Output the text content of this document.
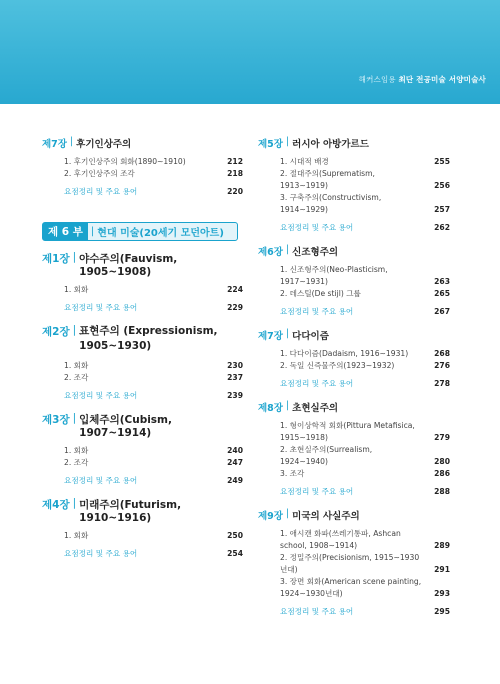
해커스임용 최단 전공미술 서양미술사
제7장 | 후기인상주의
1. 후기인상주의 회화(1890~1910)	212
2. 후기인상주의 조각	218
요점정리 및 주요 용어	220
제 6 부 | 현대 미술(20세기 모던아트)
제1장 | 야수주의(Fauvism, 1905~1908)
1. 회화	224
요점정리 및 주요 용어	229
제2장 | 표현주의 (Expressionism, 1905~1930)
1. 회화	230
2. 조각	237
요점정리 및 주요 용어	239
제3장 | 입체주의(Cubism, 1907~1914)
1. 회화	240
2. 조각	247
요점정리 및 주요 용어	249
제4장 | 미래주의(Futurism, 1910~1916)
1. 회화	250
요점정리 및 주요 용어	254
제5장 | 러시아 아방가르드
1. 시대적 배경	255
2. 절대주의(Suprematism, 1913~1919)	256
3. 구축주의(Constructivism, 1914~1929)	257
요점정리 및 주요 용어	262
제6장 | 신조형주의
1. 신조형주의(Neo-Plasticism, 1917~1931)	263
2. 데스틸(De stijl) 그룹	265
요점정리 및 주요 용어	267
제7장 | 다다이즘
1. 다다이즘(Dadaism, 1916~1931)	268
2. 독일 신즉물주의(1923~1932)	276
요점정리 및 주요 용어	278
제8장 | 초현실주의
1. 형이상학적 회화(Pittura Metafisica, 1915~1918)	279
2. 초현실주의(Surrealism, 1924~1940)	280
3. 조각	286
요점정리 및 주요 용어	288
제9장 | 미국의 사실주의
1. 애시캔 화파(쓰레기통파, Ashcan school, 1908~1914)	289
2. 정밀주의(Precisionism, 1915~1930년대)	291
3. 장면 회화(American scene painting, 1924~1930년대)	293
요점정리 및 주요 용어	295
